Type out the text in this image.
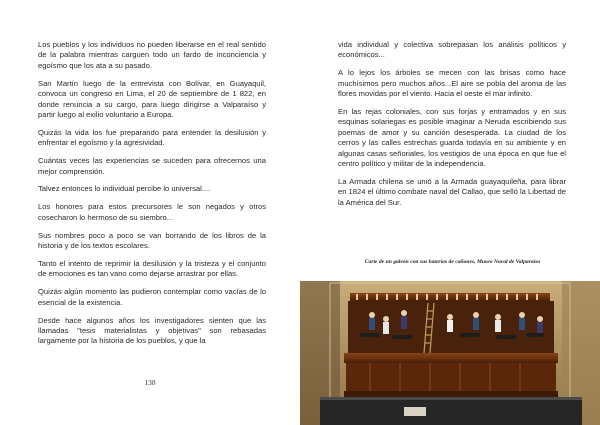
Los pueblos y los individuos no pueden liberarse en el real sentido de la palabra mientras carguen todo un fardo de inconciencia y egoísmo que los ata a su pasado.

San Martín luego de la entrevista con Bolívar, en Guayaquil, convoca un congreso en Lima, el 20 de septiembre de 1 822, en donde renuncia a su cargo, para luego dirigirse a Valparaíso y partir luego al exilio voluntario a Europa.

Quizás la vida los fue preparando para entender la desilusión y enfrentar el egoísmo y la agresividad.

Cuántas veces las experiencias se suceden para ofrecernos una mejor comprensión.

Talvez entonces lo individual percibe lo universal....

Los honores para estos precursores le son negados y otros cosecharon lo hermoso de su siembro...

Sus nombres poco a poco se van borrando de los libros de la historia y de los textos escolares.

Tanto el intento de reprimir la desilusión y la tristeza y el conjunto de emociones es tan vano como dejarse arrastrar por ellas.

Quizás algún momento las pudieron contemplar como vacías de lo esencial de la existencia.

Desde hace algunos años los investigadores sienten que las llamadas "tesis materialistas y objetivas" son rebasadas largamente por la historia de los pueblos, y que la

138

vida individual y colectiva sobrepasan los análisis políticos y económicos...

A lo lejos los árboles se mecen con las brisas como hace muchísimos pero muchos años...El aire se pobla del aroma de las flores movidas por el viento. Hacia el oeste el mar infinito.

En las rejas coloniales, con sus forjas y entramados y en sus esquinas solariegas es posible imaginar a Neruda escribiendo sus poemas de amor y su canción desesperada. La ciudad de los cerros y las calles estrechas guarda todavía en su ambiente y en algunas casas señoriales, los vestigios de una época en que fue el centro político y militar de la independencia.

La Armada chilena se unió a la Armada guayaquileña, para librar en 1824 el último combate naval del Callao, que selló la Libertad de la América del Sur.

Corte de un galeón con sus baterías de cañones, Museo Naval de Valparaíso
